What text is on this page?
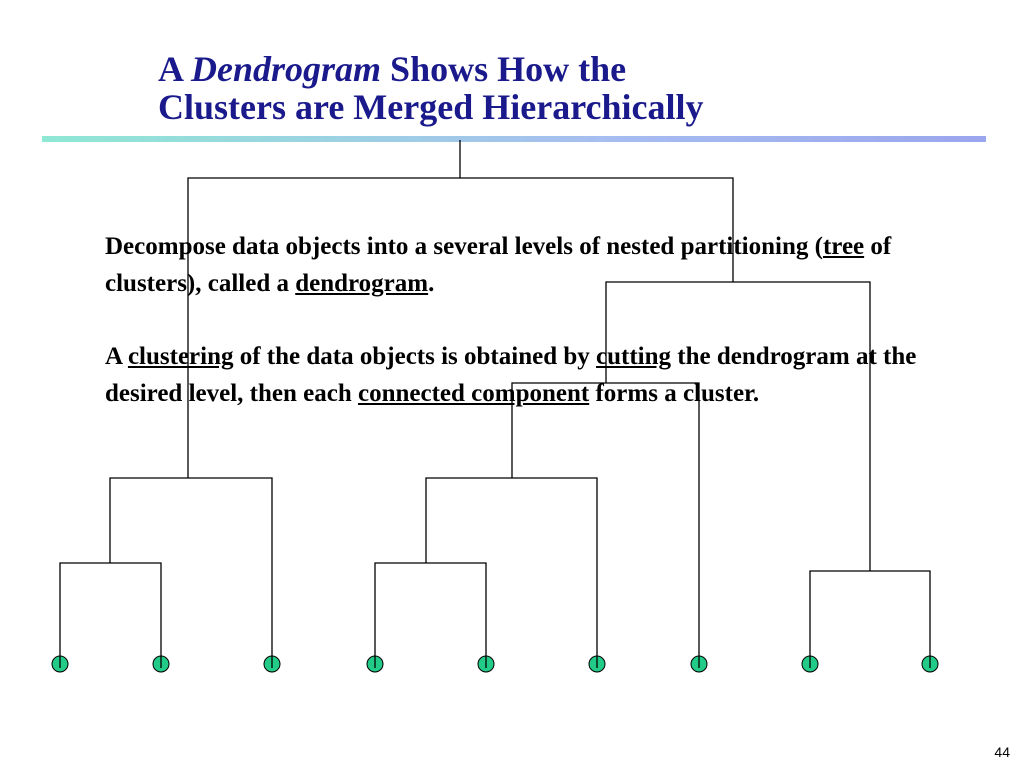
A Dendrogram Shows How the
Clusters are Merged Hierarchically

Decompose data objects into a several levels of nested partitioning (tree of clusters), called a dendrogram.

A clustering of the data objects is obtained by cutting the dendrogram at the desired level, then each connected component forms a cluster.

44
